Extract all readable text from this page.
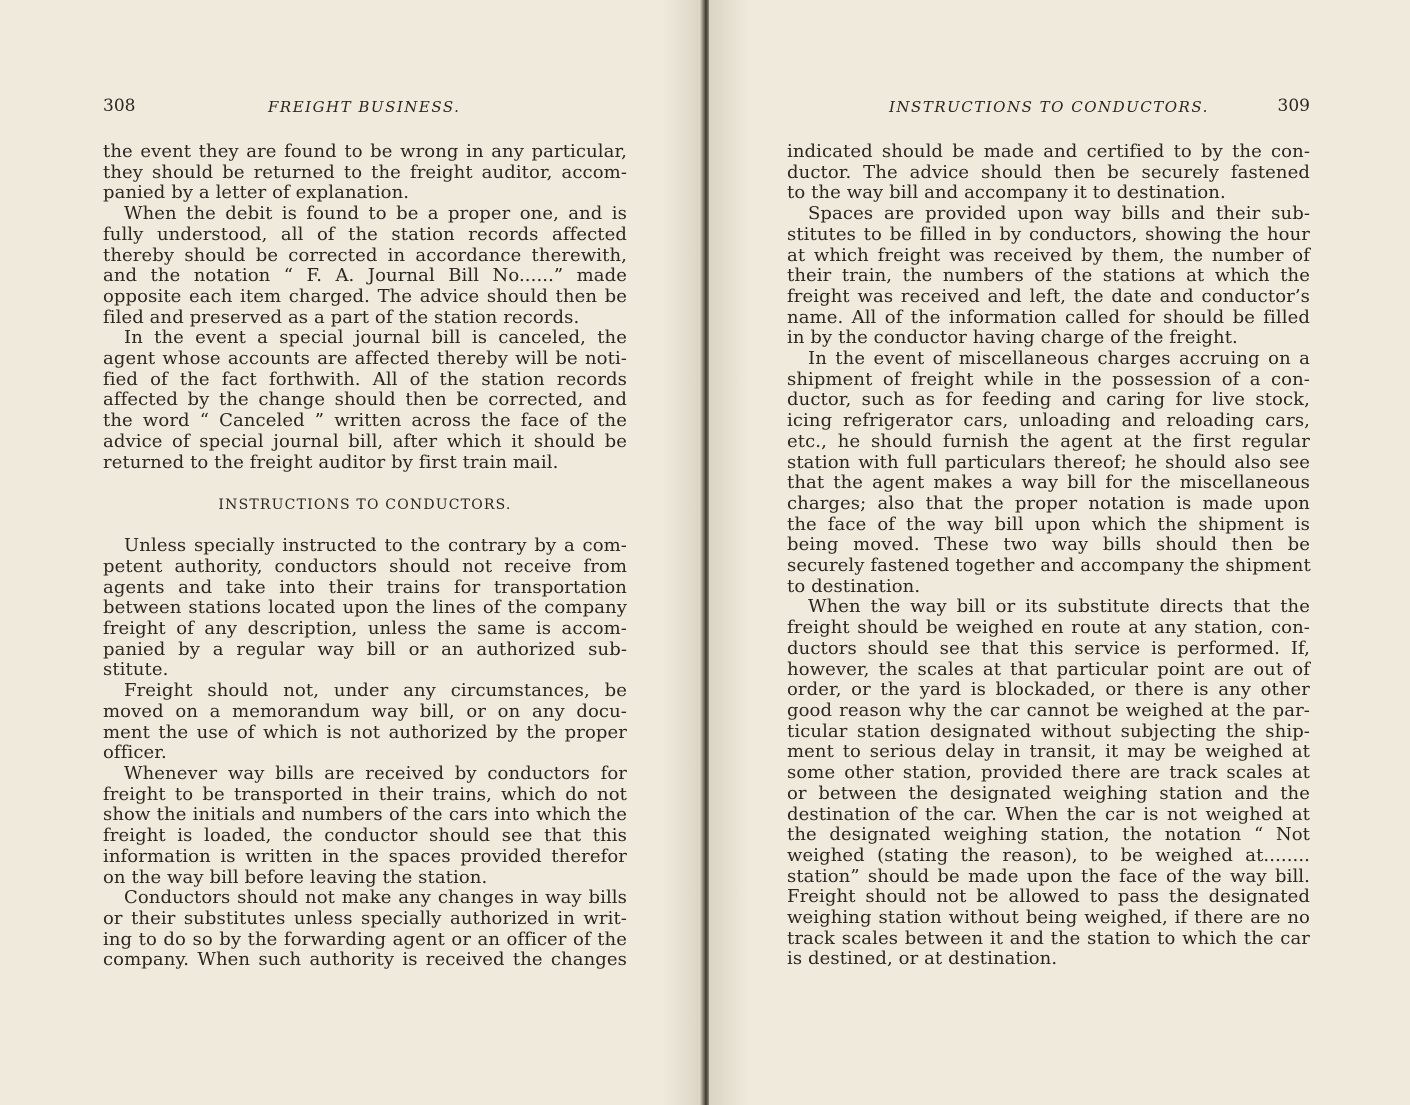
308	FREIGHT BUSINESS.
the event they are found to be wrong in any particular,
they should be returned to the freight auditor, accom-
panied by a letter of explanation.
When the debit is found to be a proper one, and is
fully understood, all of the station records affected
thereby should be corrected in accordance therewith,
and the notation “ F. A. Journal Bill No......” made
opposite each item charged. The advice should then be
filed and preserved as a part of the station records.
In the event a special journal bill is canceled, the
agent whose accounts are affected thereby will be noti-
fied of the fact forthwith. All of the station records
affected by the change should then be corrected, and
the word “ Canceled ” written across the face of the
advice of special journal bill, after which it should be
returned to the freight auditor by first train mail.
INSTRUCTIONS TO CONDUCTORS.
Unless specially instructed to the contrary by a com-
petent authority, conductors should not receive from
agents and take into their trains for transportation
between stations located upon the lines of the company
freight of any description, unless the same is accom-
panied by a regular way bill or an authorized sub-
stitute.
Freight should not, under any circumstances, be
moved on a memorandum way bill, or on any docu-
ment the use of which is not authorized by the proper
officer.
Whenever way bills are received by conductors for
freight to be transported in their trains, which do not
show the initials and numbers of the cars into which the
freight is loaded, the conductor should see that this
information is written in the spaces provided therefor
on the way bill before leaving the station.
Conductors should not make any changes in way bills
or their substitutes unless specially authorized in writ-
ing to do so by the forwarding agent or an officer of the
company. When such authority is received the changes
INSTRUCTIONS TO CONDUCTORS.	309
indicated should be made and certified to by the con-
ductor. The advice should then be securely fastened
to the way bill and accompany it to destination.
Spaces are provided upon way bills and their sub-
stitutes to be filled in by conductors, showing the hour
at which freight was received by them, the number of
their train, the numbers of the stations at which the
freight was received and left, the date and conductor’s
name. All of the information called for should be filled
in by the conductor having charge of the freight.
In the event of miscellaneous charges accruing on a
shipment of freight while in the possession of a con-
ductor, such as for feeding and caring for live stock,
icing refrigerator cars, unloading and reloading cars,
etc., he should furnish the agent at the first regular
station with full particulars thereof; he should also see
that the agent makes a way bill for the miscellaneous
charges; also that the proper notation is made upon
the face of the way bill upon which the shipment is
being moved. These two way bills should then be
securely fastened together and accompany the shipment
to destination.
When the way bill or its substitute directs that the
freight should be weighed en route at any station, con-
ductors should see that this service is performed. If,
however, the scales at that particular point are out of
order, or the yard is blockaded, or there is any other
good reason why the car cannot be weighed at the par-
ticular station designated without subjecting the ship-
ment to serious delay in transit, it may be weighed at
some other station, provided there are track scales at
or between the designated weighing station and the
destination of the car. When the car is not weighed at
the designated weighing station, the notation “ Not
weighed (stating the reason), to be weighed at........
station” should be made upon the face of the way bill.
Freight should not be allowed to pass the designated
weighing station without being weighed, if there are no
track scales between it and the station to which the car
is destined, or at destination.
